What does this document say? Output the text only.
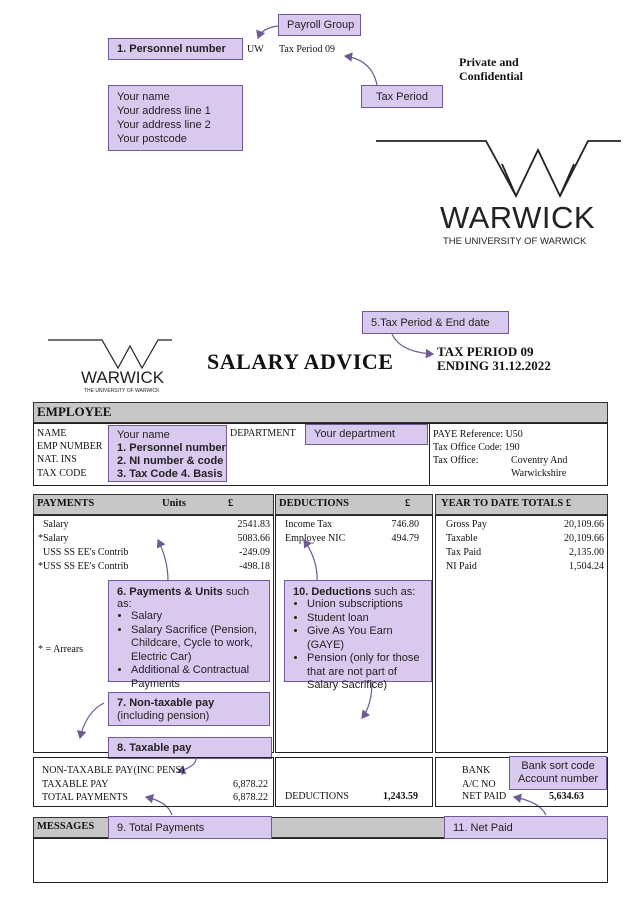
Payroll Group
1. Personnel number	UW Tax Period 09
Private and
Confidential
Your name
Your address line 1
Your address line 2
Your postcode
Tax Period
WARWICK
THE UNIVERSITY OF WARWICK
5.Tax Period & End date
WARWICK
THE UNIVERSITY OF WARWICK
SALARY ADVICE	TAX PERIOD 09
ENDING 31.12.2022
EMPLOYEE
NAME
EMP NUMBER
NAT. INS
TAX CODE
Your name
1. Personnel number
2. NI number & code
3. Tax Code 4. Basis
DEPARTMENT	Your department	PAYE Reference: U50
Tax Office Code: 190
Tax Office:	Coventry And
Warwickshire
PAYMENTS	Units	£	DEDUCTIONS	£	YEAR TO DATE TOTALS £
Salary	2541.83
*Salary	5083.66
USS SS EE's Contrib	-249.09
*USS SS EE's Contrib	-498.18
Income Tax	746.80
Employee NIC	494.79
Gross Pay	20,109.66
Taxable	20,109.66
Tax Paid	2,135.00
NI Paid	1,504.24
* = Arrears
6. Payments & Units such as:
• Salary
• Salary Sacrifice (Pension, Childcare, Cycle to work, Electric Car)
• Additional & Contractual Payments
10. Deductions such as:
• Union subscriptions
• Student loan
• Give As You Earn (GAYE)
• Pension (only for those that are not part of Salary Sacrifice)
7. Non-taxable pay (including pension)
8. Taxable pay
NON-TAXABLE PAY(INC PENS)
TAXABLE PAY	6,878.22
TOTAL PAYMENTS	6,878.22 DEDUCTIONS	1,243.59
BANK
A/C NO
NET PAID	5,634.63
Bank sort code
Account number
MESSAGES	9. Total Payments	11. Net Paid
